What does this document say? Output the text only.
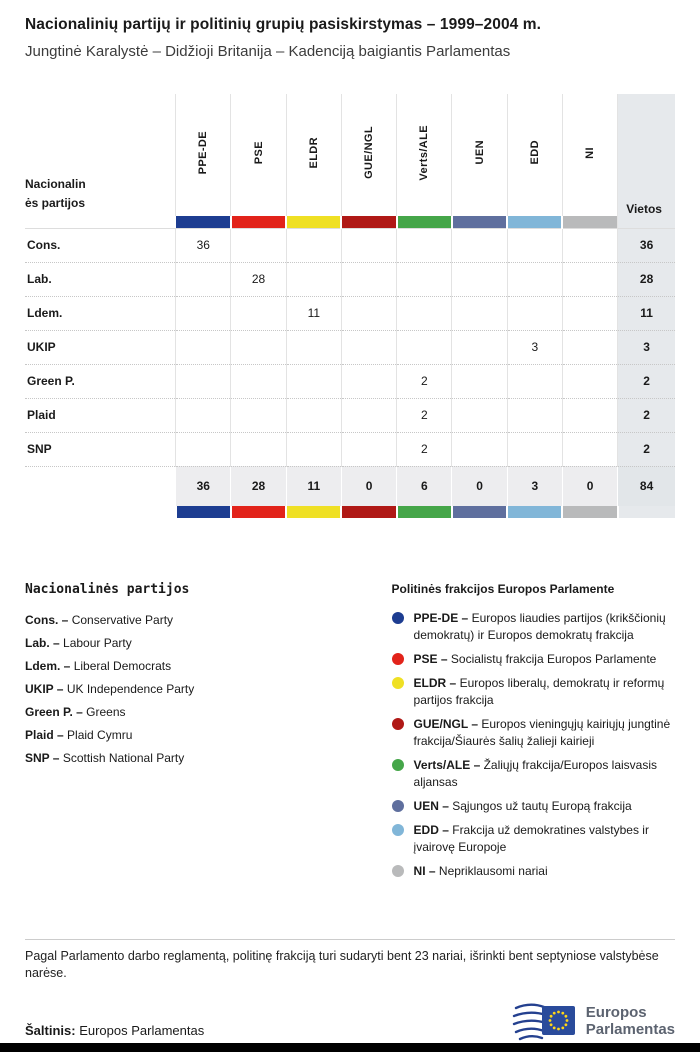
Nacionalinių partijų ir politinių grupių pasiskirstymas – 1999–2004 m.

Jungtinė Karalystė – Didžioji Britanija – Kadenciją baigiantis Parlamentas

Nacionalinės partijos	PPE-DE	PSE	ELDR	GUE/NGL	Verts/ALE	UEN	EDD	NI	Vietos

Cons.	36								36
Lab.		28							28
Ldem.			11						11
UKIP							3		3
Green P.					2				2
Plaid					2				2
SNP					2				2
	36	28	11	0	6	0	3	0	84

Nacionalinės partijos
Cons. – Conservative Party
Lab. – Labour Party
Ldem. – Liberal Democrats
UKIP – UK Independence Party
Green P. – Greens
Plaid – Plaid Cymru
SNP – Scottish National Party
Politinės frakcijos Europos Parlamente

PPE-DE – Europos liaudies partijos (krikščionių demokratų) ir Europos demokratų frakcija

PSE – Socialistų frakcija Europos Parlamente

ELDR – Europos liberalų, demokratų ir reformų partijos frakcija

GUE/NGL – Europos vieningųjų kairiųjų jungtinė frakcija/Šiaurės šalių žalieji kairieji

Verts/ALE – Žaliųjų frakcija/Europos laisvasis aljansas

UEN – Sąjungos už tautų Europą frakcija

EDD – Frakcija už demokratines valstybes ir įvairovę Europoje

NI – Nepriklausomi nariai

Pagal Parlamento darbo reglamentą, politinę frakciją turi sudaryti bent 23 nariai, išrinkti bent septyniose valstybėse narėse.

Šaltinis: Europos Parlamentas

Europos
Parlamentas
